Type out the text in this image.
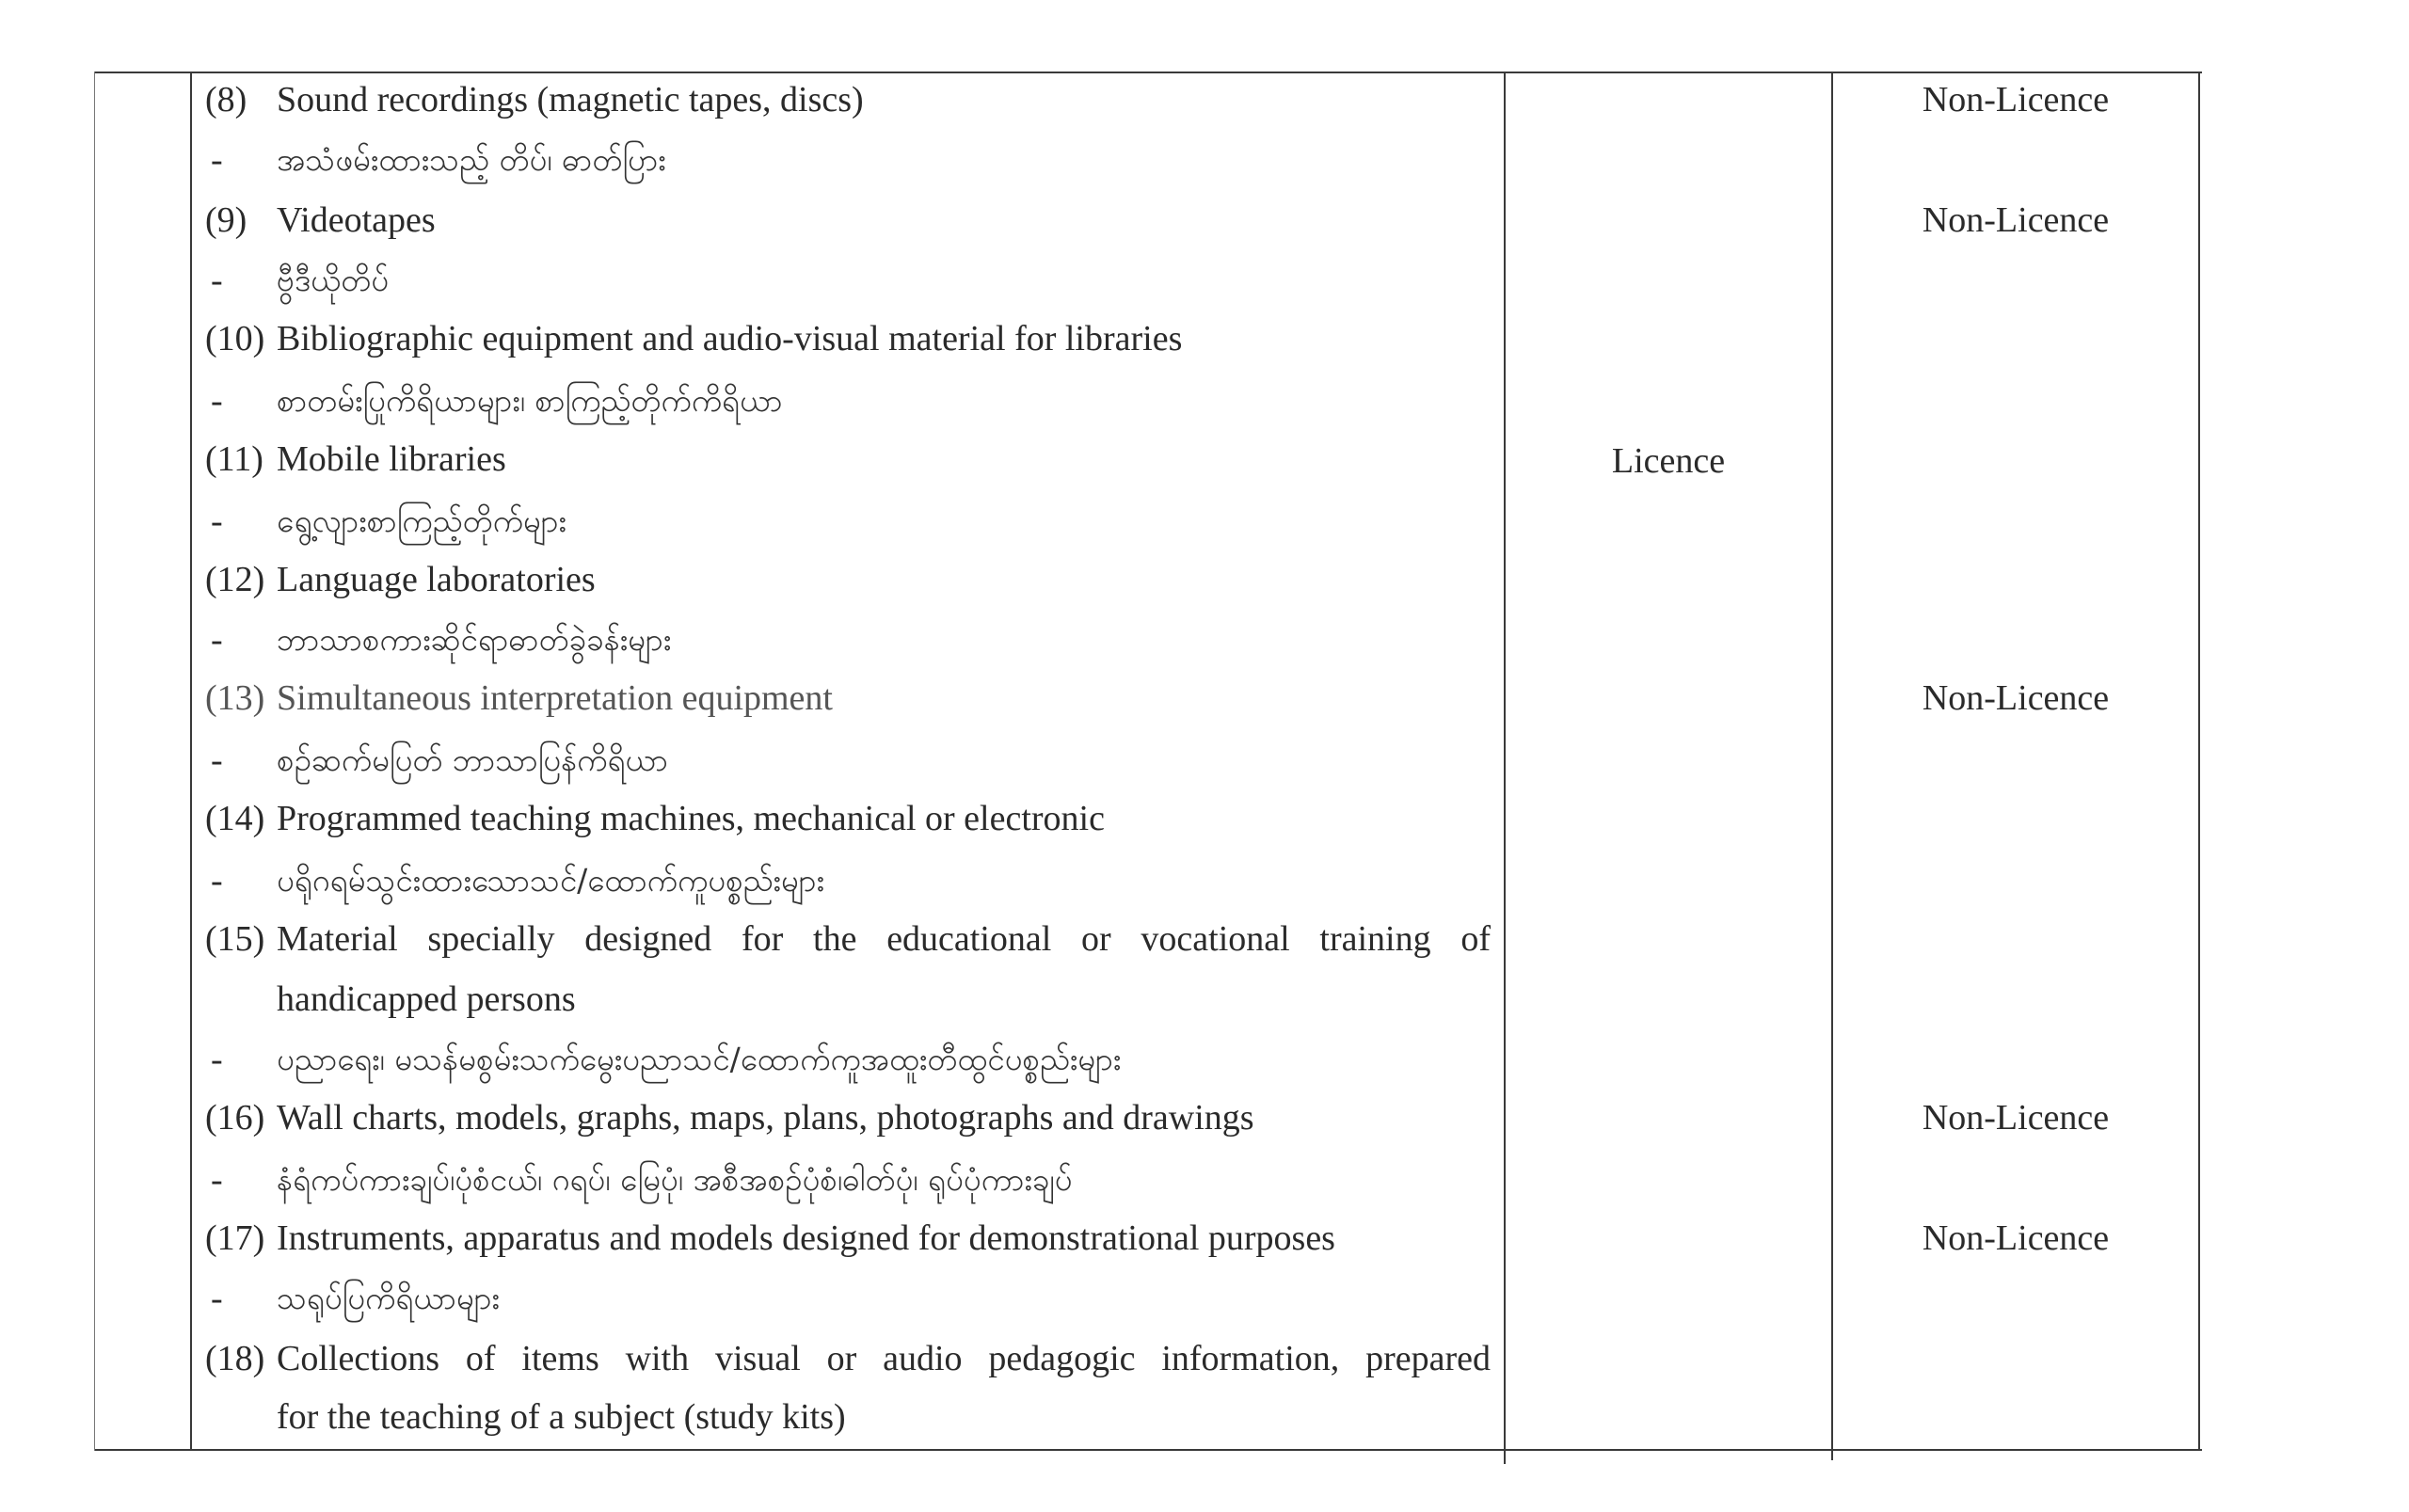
(8) Sound recordings (magnetic tapes, discs)	Non-Licence
- အသံဖမ်းထားသည့် တိပ်၊ ဓာတ်ပြား
(9) Videotapes	Non-Licence
- ဗွီဒီယိုတိပ်
(10) Bibliographic equipment and audio-visual material for libraries
- စာတမ်းပြုကိရိယာများ၊ စာကြည့်တိုက်ကိရိယာ
(11) Mobile libraries	Licence
- ရွေ့လျားစာကြည့်တိုက်များ
(12) Language laboratories
- ဘာသာစကားဆိုင်ရာဓာတ်ခွဲခန်းများ
(13) Simultaneous interpretation equipment	Non-Licence
- စဉ်ဆက်မပြတ် ဘာသာပြန်ကိရိယာ
(14) Programmed teaching machines, mechanical or electronic
- ပရိုဂရမ်သွင်းထားသောသင်/ထောက်ကူပစ္စည်းများ
(15) Material specially designed for the educational or vocational training of
handicapped persons
- ပညာရေး၊ မသန်မစွမ်းသက်မွေးပညာသင်/ထောက်ကူအထူးတီထွင်ပစ္စည်းများ
(16) Wall charts, models, graphs, maps, plans, photographs and drawings	Non-Licence
- နံရံကပ်ကားချပ်၊ပုံစံငယ်၊ ဂရပ်၊ မြေပုံ၊ အစီအစဉ်ပုံစံ၊ဓါတ်ပုံ၊ ရုပ်ပုံကားချပ်
(17) Instruments, apparatus and models designed for demonstrational purposes	Non-Licence
- သရုပ်ပြကိရိယာများ
(18) Collections of items with visual or audio pedagogic information, prepared
for the teaching of a subject (study kits)
